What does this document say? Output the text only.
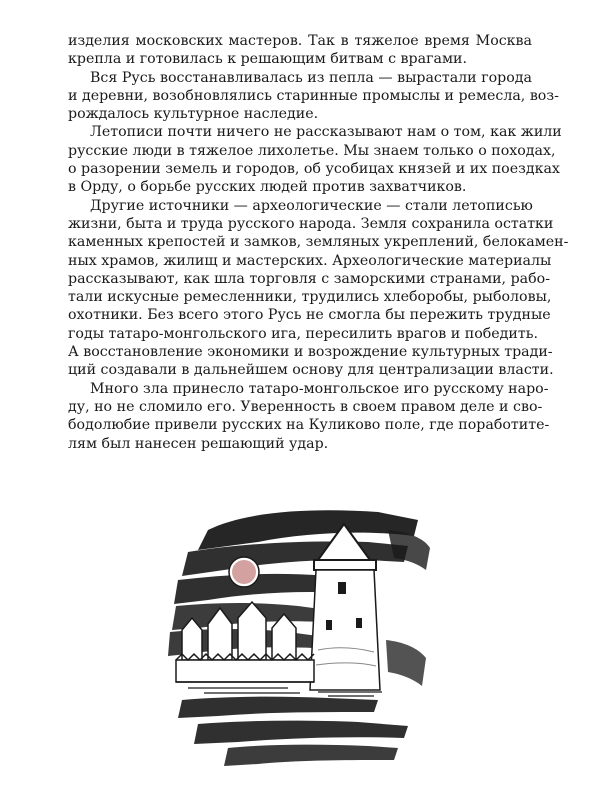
изделия московских мастеров. Так в тяжелое время Москва
крепла и готовилась к решающим битвам с врагами.
Вся Русь восстанавливалась из пепла — вырастали города
и деревни, возобновлялись старинные промыслы и ремесла, воз-
рождалось культурное наследие.
Летописи почти ничего не рассказывают нам о том, как жили
русские люди в тяжелое лихолетье. Мы знаем только о походах,
о разорении земель и городов, об усобицах князей и их поездках
в Орду, о борьбе русских людей против захватчиков.
Другие источники — археологические — стали летописью
жизни, быта и труда русского народа. Земля сохранила остатки
каменных крепостей и замков, земляных укреплений, белокамен-
ных храмов, жилищ и мастерских. Археологические материалы
рассказывают, как шла торговля с заморскими странами, рабо-
тали искусные ремесленники, трудились хлеборобы, рыболовы,
охотники. Без всего этого Русь не смогла бы пережить трудные
годы татаро-монгольского ига, пересилить врагов и победить.
А восстановление экономики и возрождение культурных тради-
ций создавали в дальнейшем основу для централизации власти.
Много зла принесло татаро-монгольское иго русскому наро-
ду, но не сломило его. Уверенность в своем правом деле и сво-
бодолюбие привели русских на Куликово поле, где поработите-
лям был нанесен решающий удар.
